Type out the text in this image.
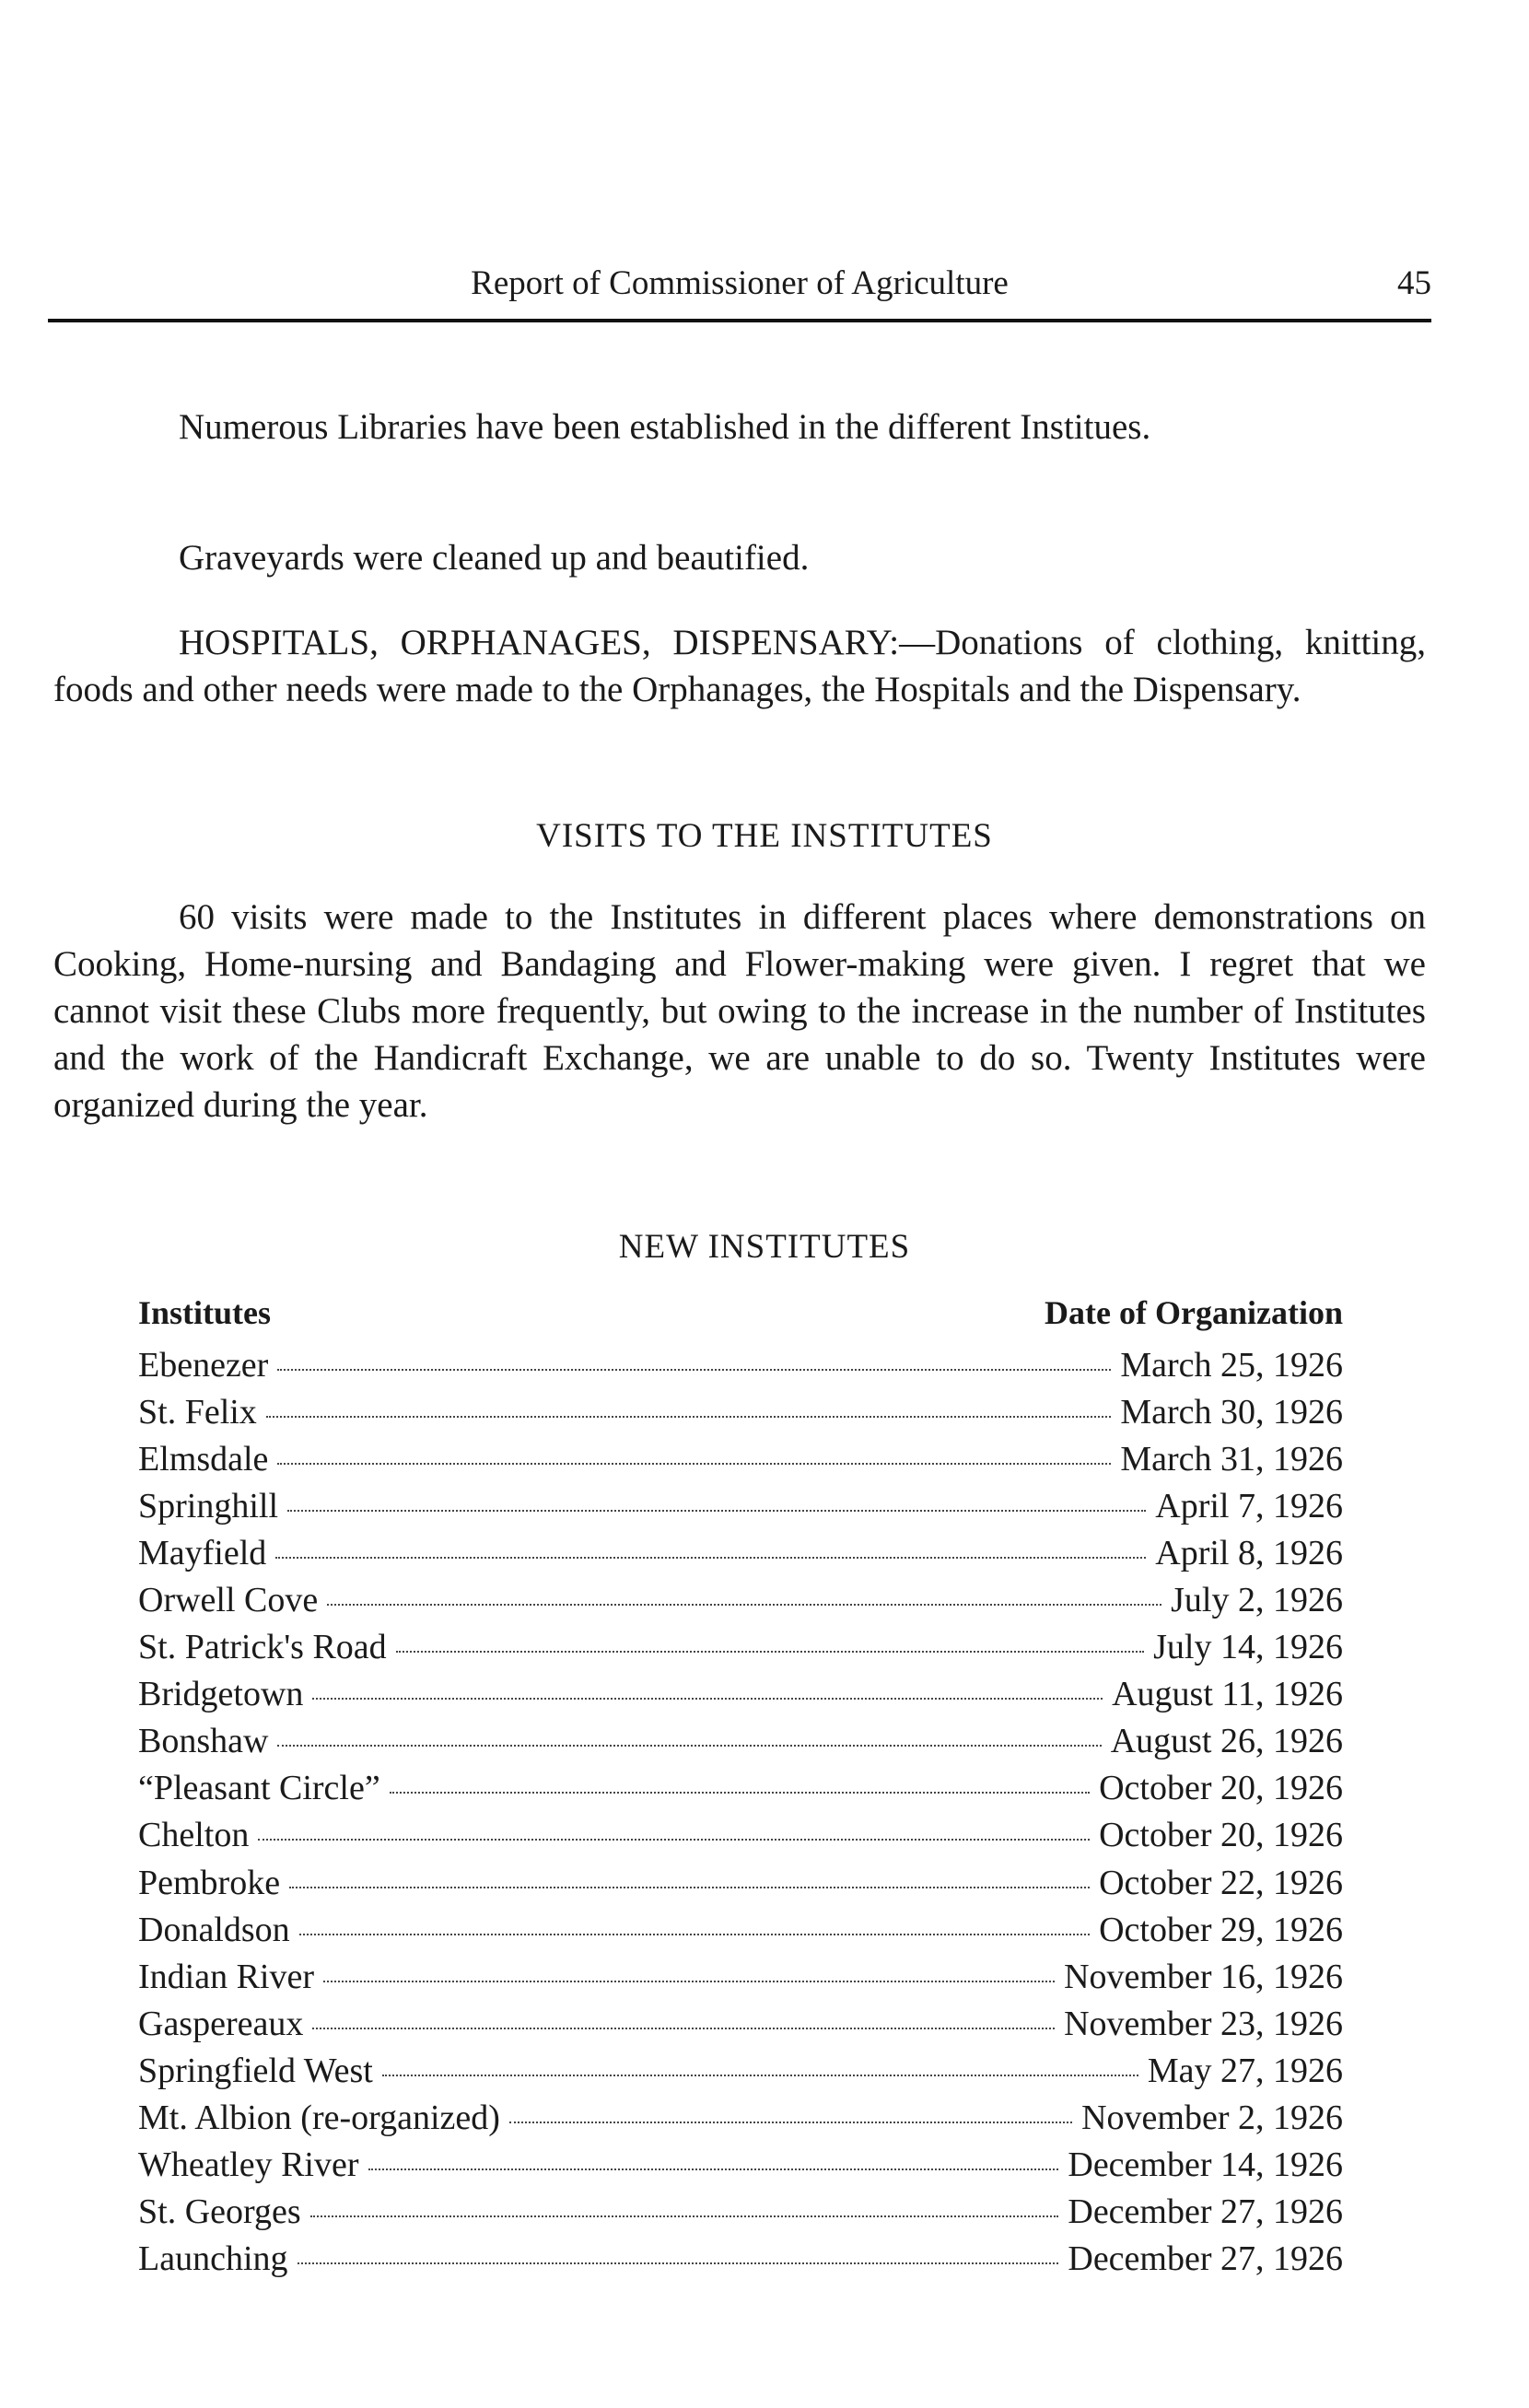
Report of Commissioner of Agriculture	45

Numerous Libraries have been established in the different Institues.

Graveyards were cleaned up and beautified.

HOSPITALS, ORPHANAGES, DISPENSARY:—Donations of clothing, knitting, foods and other needs were made to the Orphanages, the Hospitals and the Dispensary.

VISITS TO THE INSTITUTES

60 visits were made to the Institutes in different places where demonstrations on Cooking, Home-nursing and Bandaging and Flower-making were given. I regret that we cannot visit these Clubs more frequently, but owing to the increase in the number of Institutes and the work of the Handicraft Exchange, we are unable to do so. Twenty Institutes were organized during the year.

NEW INSTITUTES
Institutes	Date of Organization
Ebenezer	March 25, 1926
St. Felix	March 30, 1926
Elmsdale	March 31, 1926
Springhill	April 7, 1926
Mayfield	April 8, 1926
Orwell Cove	July 2, 1926
St. Patrick's Road	July 14, 1926
Bridgetown	August 11, 1926
Bonshaw	August 26, 1926
“Pleasant Circle”	October 20, 1926
Chelton	October 20, 1926
Pembroke	October 22, 1926
Donaldson	October 29, 1926
Indian River	November 16, 1926
Gaspereaux	November 23, 1926
Springfield West	May 27, 1926
Mt. Albion (re-organized)	November 2, 1926
Wheatley River	December 14, 1926
St. Georges	December 27, 1926
Launching	December 27, 1926
